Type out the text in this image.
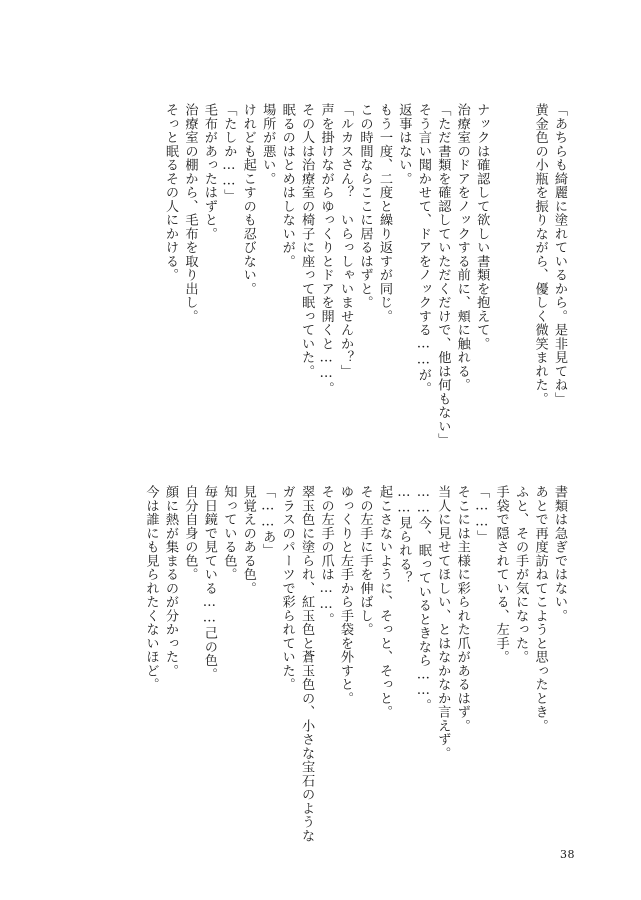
「あちらも綺麗に塗れているから。是非見てね」
黄金色の小瓶を振りながら、優しく微笑まれた。
ナックは確認して欲しい書類を抱えて。
治療室のドアをノックする前に、頬に触れる。
「ただ書類を確認していただくだけで、他は何もない」
そう言い聞かせて、ドアをノックする……が。
返事はない。
もう一度、二度と繰り返すが同じ。
この時間ならここに居るはずと。
「ルカスさん？　いらっしゃいませんか？」
声を掛けながらゆっくりとドアを開くと……。
その人は治療室の椅子に座って眠っていた。
眠るのはとめはしないが。
場所が悪い。
けれども起こすのも忍びない。
「たしか……」
毛布があったはずと。
治療室の棚から、毛布を取り出し。
そっと眠るその人にかける。
書類は急ぎではない。
あとで再度訪ねてこようと思ったとき。
ふと、その手が気になった。
手袋で隠されている、左手。
「……」
そこには主様に彩られた爪があるはず。
当人に見せてほしい、とはなかなか言えず。
……今、眠っているときなら……。
……見られる？
起こさないように、そっと、そっと。
その左手に手を伸ばし。
ゆっくりと左手から手袋を外すと。
その左手の爪は……。
翠玉色に塗られ、紅玉色と蒼玉色の、小さな宝石のような
ガラスのパーツで彩られていた。
「……あ」
見覚えのある色。
知っている色。
毎日鏡で見ている……己の色。
自分自身の色。
顔に熱が集まるのが分かった。
今は誰にも見られたくないほど。
38
